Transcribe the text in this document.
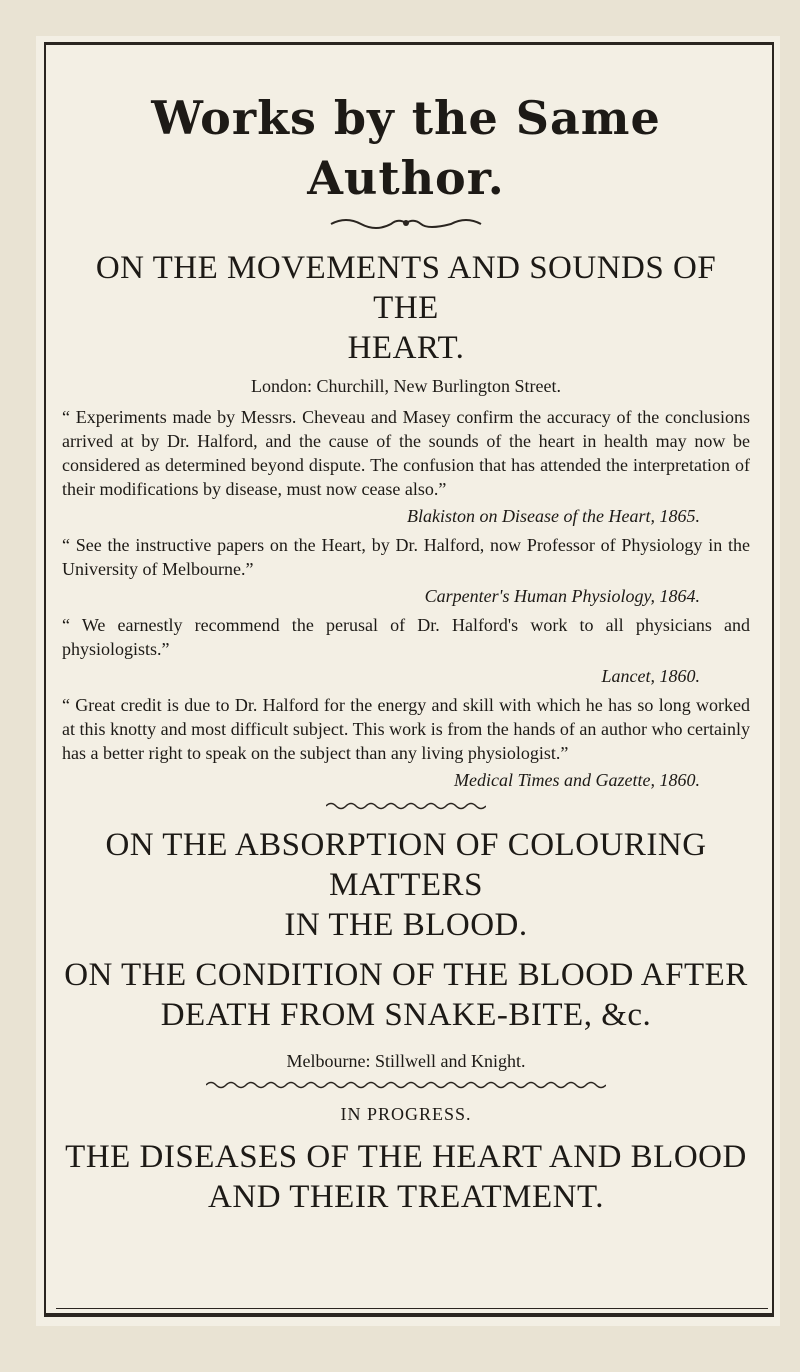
Works by the Same Author.

ON THE MOVEMENTS AND SOUNDS OF THE

HEART.

London: Churchill, New Burlington Street.

“ Experiments made by Messrs. Cheveau and Masey confirm the accuracy of the conclusions arrived at by Dr. Halford, and the cause of the sounds of the heart in health may now be considered as determined beyond dispute. The confusion that has attended the interpretation of their modifications by disease, must now cease also.”

Blakiston on Disease of the Heart, 1865.

“ See the instructive papers on the Heart, by Dr. Halford, now Professor of Physiology in the University of Melbourne.”

Carpenter's Human Physiology, 1864.

“ We earnestly recommend the perusal of Dr. Halford's work to all physicians and physiologists.”

Lancet, 1860.

“ Great credit is due to Dr. Halford for the energy and skill with which he has so long worked at this knotty and most difficult subject. This work is from the hands of an author who certainly has a better right to speak on the subject than any living physiologist.”

Medical Times and Gazette, 1860.

ON THE ABSORPTION OF COLOURING MATTERS

IN THE BLOOD.

ON THE CONDITION OF THE BLOOD AFTER

DEATH FROM SNAKE-BITE, &c.

Melbourne: Stillwell and Knight.

IN PROGRESS.

THE DISEASES OF THE HEART AND BLOOD

AND THEIR TREATMENT.
